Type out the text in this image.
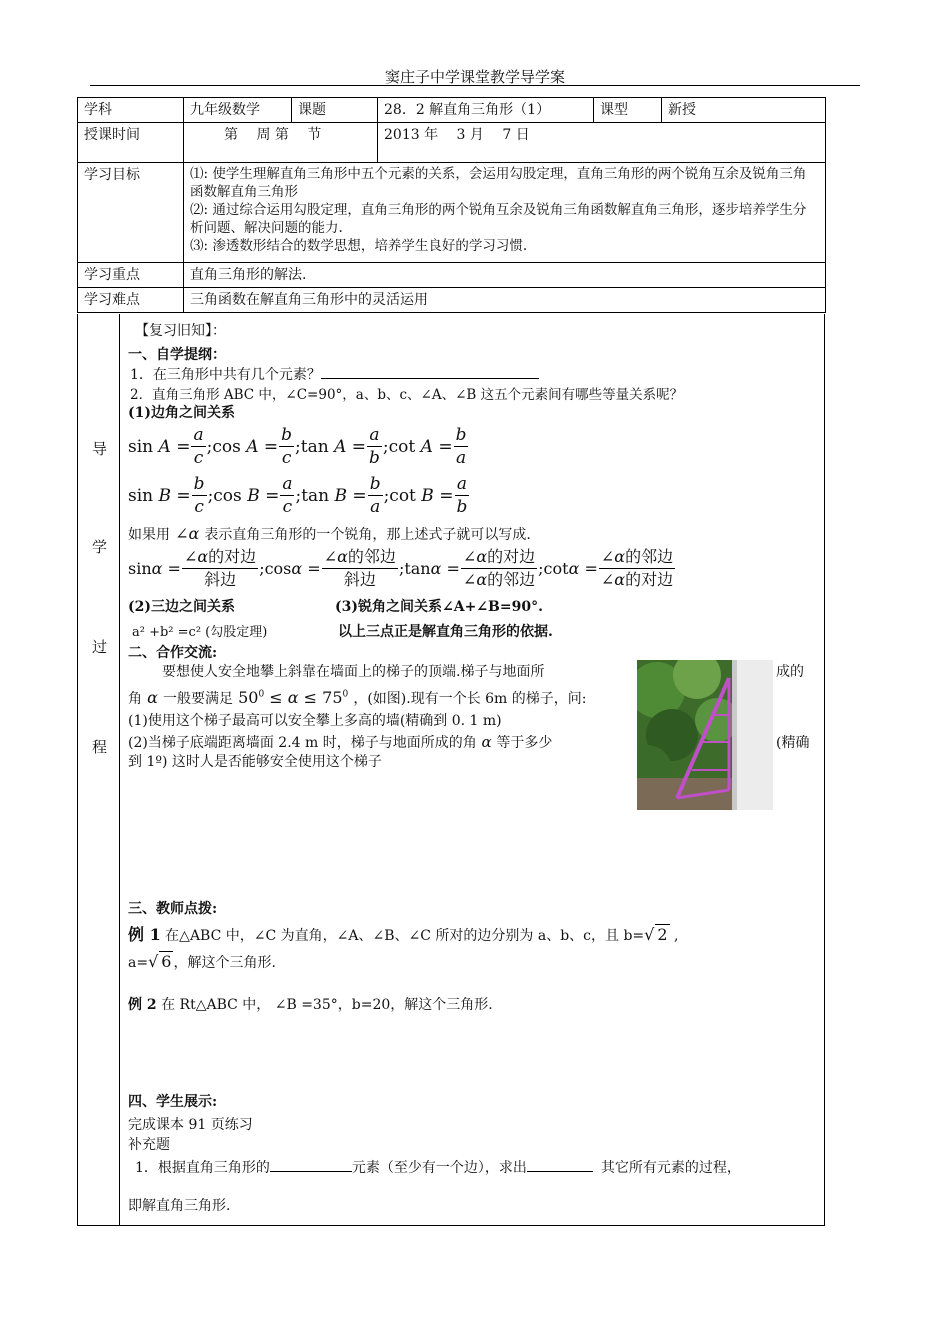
窦庄子中学课堂教学导学案
学科	九年级数学	课题	28．2 解直角三角形（1）	课型	新授
授课时间	第　 周 第　 节		2013 年　 3 月　 7 日		
学习目标	⑴: 使学生理解直角三角形中五个元素的关系，会运用勾股定理，直角三角形的两个锐角互余及锐角三角函数解直角三角形

⑵: 通过综合运用勾股定理，直角三角形的两个锐角互余及锐角三角函数解直角三角形，逐步培养学生分析问题、解决问题的能力.

⑶: 渗透数形结合的数学思想，培养学生良好的学习习惯.				

学习重点	直角三角形的解法.				
学习难点	三角函数在解直角三角形中的灵活运用				
导
学
过
程
【复习旧知】：
一、自学提纲：
1．在三角形中共有几个元素？
2．直角三角形 ABC 中，∠C=90°，a、b、c、∠A、∠B 这五个元素间有哪些等量关系呢？
(1)边角之间关系
$\sin A = \frac{a}{c}$ ;cos $A = \frac{b}{c}$ ;tan $A = \frac{a}{b}$ ;cot $A = \frac{b}{a}$
$\sin B = \frac{b}{c}$ ;cos $B = \frac{a}{c}$ ;tan $B = \frac{b}{a}$ ;cot $B = \frac{a}{b}$
如果用 ∠α 表示直角三角形的一个锐角，那上述式子就可以写成.
$\sin\alpha = \frac{\text{∠α的对边}}{\text{斜边}}$ ;cosα = $\frac{\text{∠α的邻边}}{\text{斜边}}$ ;tanα = $\frac{\text{∠α的对边}}{\text{∠α的邻边}}$ ;cotα = $\frac{\text{∠α的邻边}}{\text{∠α的对边}}$
(2)三边之间关系	(3)锐角之间关系∠A+∠B=90°.
a² +b² =c² (勾股定理)	以上三点正是解直角三角形的依据.
二、合作交流:
要想使人安全地攀上斜靠在墙面上的梯子的顶端.梯子与地面所	成的
角 α 一般要满足 $50^0 \le \alpha \le 75^0$ ，(如图).现有一个长 6m 的梯子，问:
(1)使用这个梯子最高可以安全攀上多高的墙(精确到 0. 1 m)
(2)当梯子底端距离墙面 2.4 m 时，梯子与地面所成的角 α 等于多少	(精确
到 1º) 这时人是否能够安全使用这个梯子
三、教师点拨:
例 1 在△ABC 中，∠C 为直角，∠A、∠B、∠C 所对的边分别为 a、b、c，且 b=√ 2 ,
a=√ 6 ，解这个三角形.
例 2 在 Rt△ABC 中， ∠B =35°，b=20，解这个三角形.
四、学生展示:
完成课本 91 页练习
补充题
1．根据直角三角形的	元素（至少有一个边），求出	其它所有元素的过程，
即解直角三角形.
